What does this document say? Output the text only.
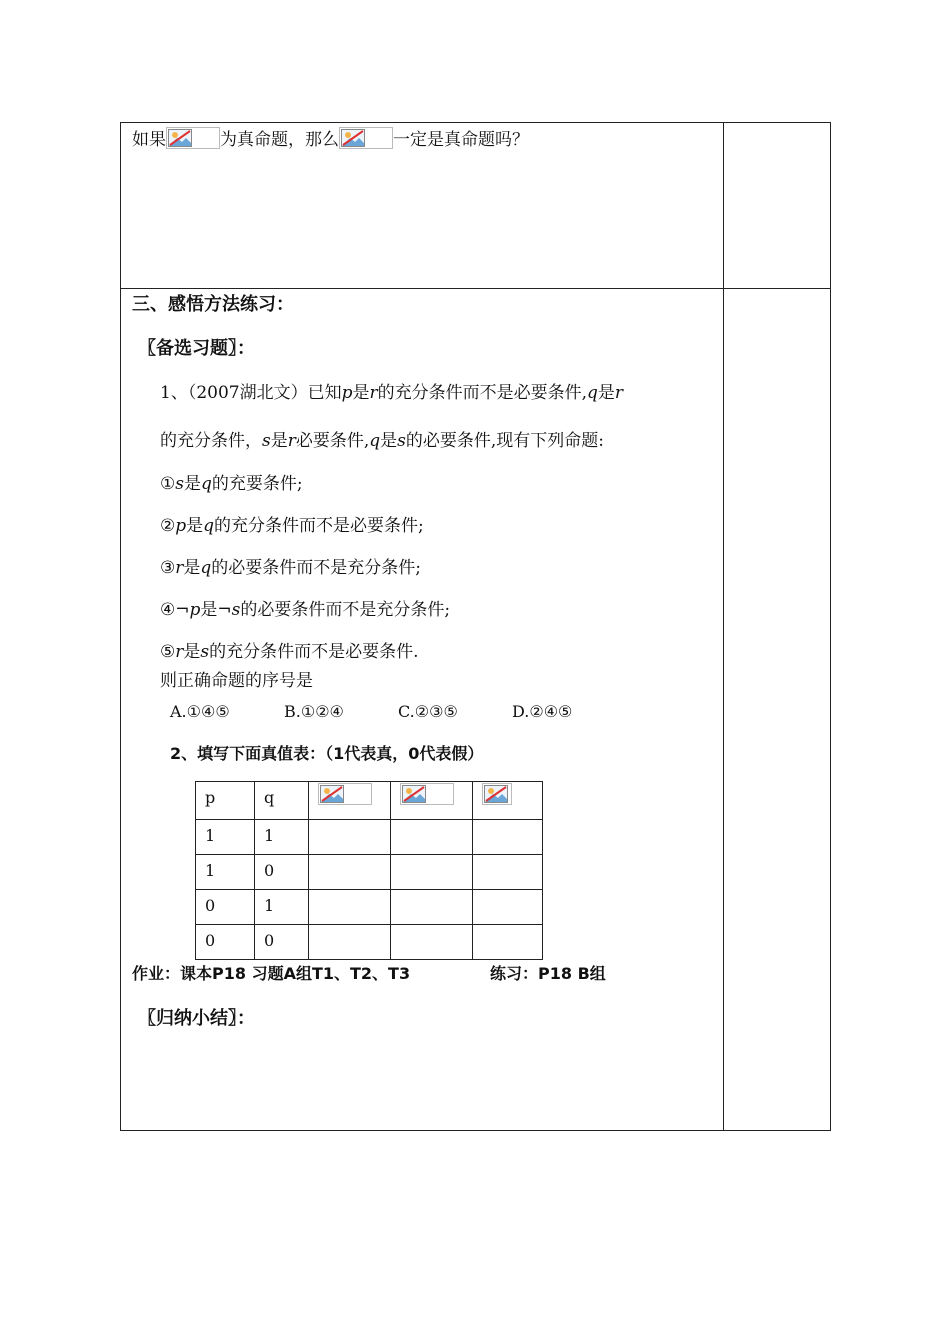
如果	为真命题，那么	一定是真命题吗？
三、感悟方法练习：
〖备选习题〗：
1、（2007湖北文）已知p是r的充分条件而不是必要条件,q是r
的充分条件，s是r必要条件,q是s的必要条件,现有下列命题:
①s是q的充要条件;
②p是q的充分条件而不是必要条件;
③r是q的必要条件而不是充分条件;
④¬p是¬s的必要条件而不是充分条件;
⑤r是s的充分条件而不是必要条件.
则正确命题的序号是
A.①④⑤	B.①②④	C.②③⑤	D.②④⑤
2、填写下面真值表：（1代表真，0代表假）
p	q	

1	1			
1	0			
0	1			
0	0			
作业：课本P18 习题A组T1、T2、T3	练习：P18 B组
〖归纳小结〗：
